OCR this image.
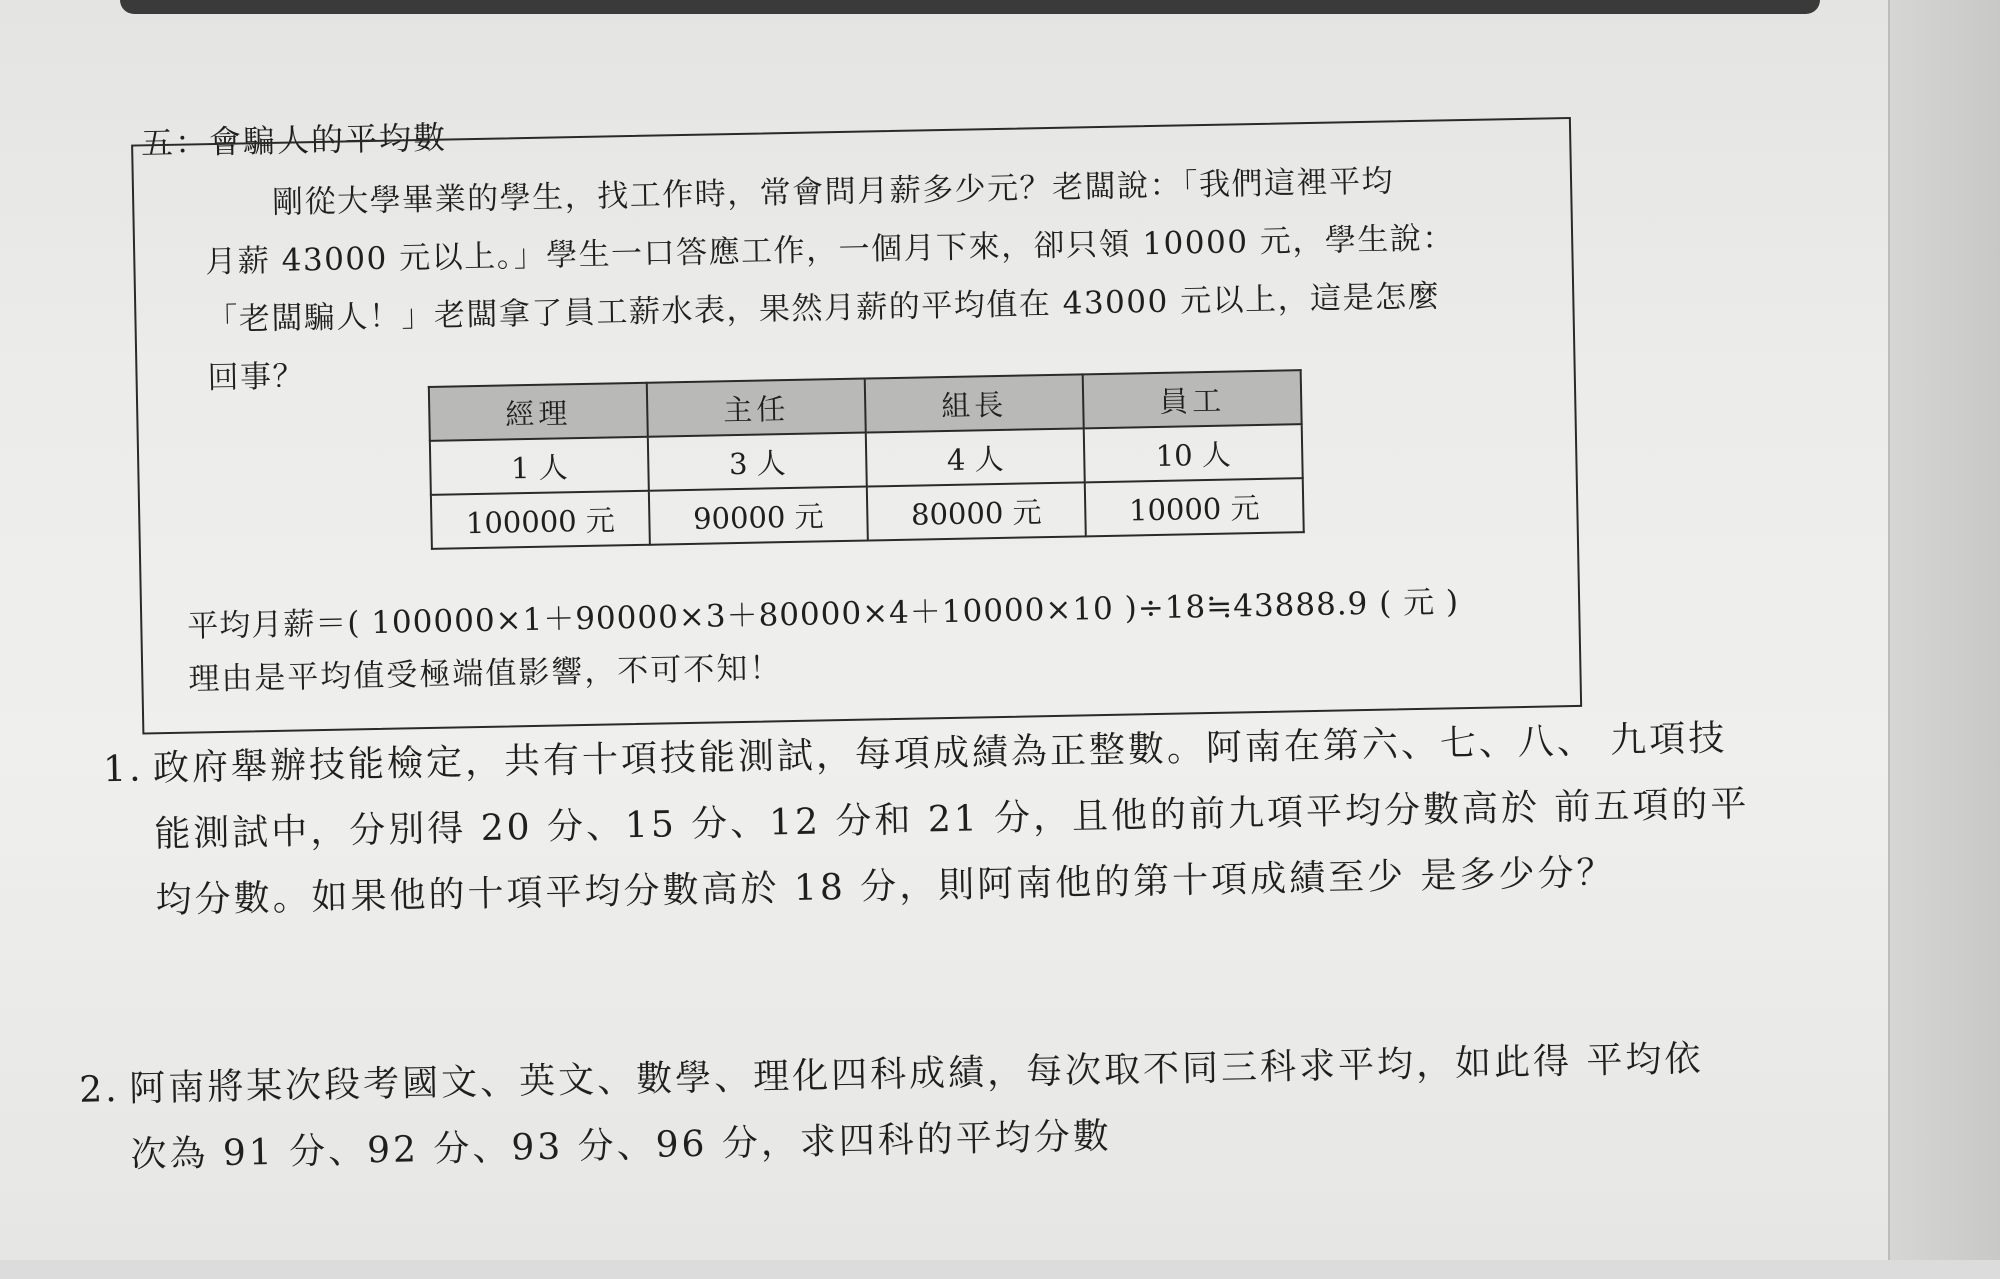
五：會騙人的平均數
剛從大學畢業的學生，找工作時，常會問月薪多少元？老闆說：「我們這裡平均
月薪 43000 元以上。」學生一口答應工作，一個月下來，卻只領 10000 元，學生說：
「老闆騙人！」老闆拿了員工薪水表，果然月薪的平均值在 43000 元以上，這是怎麼
回事？
經理	主任	組長	員工
1 人	3 人	4 人	10 人
100000 元	90000 元	80000 元	10000 元
平均月薪＝( 100000×1＋90000×3＋80000×4＋10000×10 )÷18≒43888.9 ( 元 )
理由是平均值受極端值影響，不可不知！
1. 政府舉辦技能檢定，共有十項技能測試，每項成績為正整數。阿南在第六、七、八、 九項技
能測試中，分別得 20 分、15 分、12 分和 21 分，且他的前九項平均分數高於 前五項的平
均分數。如果他的十項平均分數高於 18 分，則阿南他的第十項成績至少 是多少分？
2. 阿南將某次段考國文、英文、數學、理化四科成績，每次取不同三科求平均，如此得 平均依
次為 91 分、92 分、93 分、96 分，求四科的平均分數
